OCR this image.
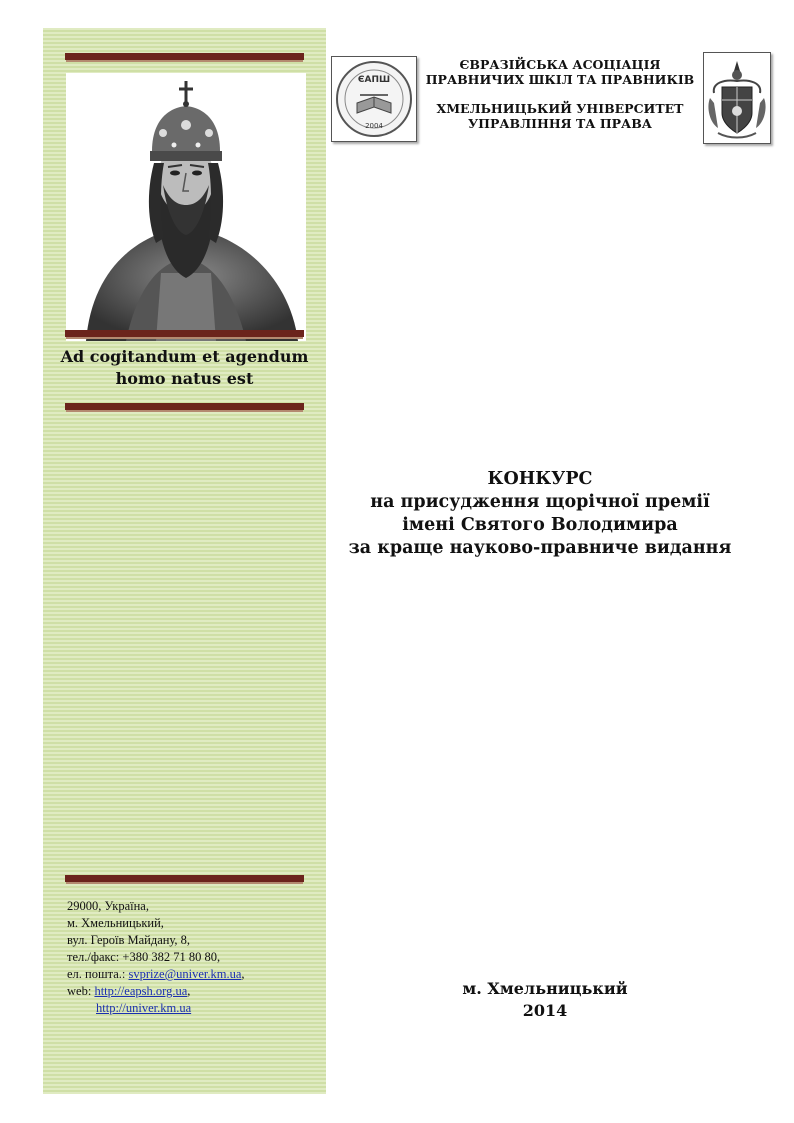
Ad cogitandum et agendum
homo natus est
29000, Україна,
м. Хмельницький,
вул. Героїв Майдану, 8,
тел./факс: +380 382 71 80 80,
ел. пошта.: svprize@univer.km.ua,
web: http://eapsh.org.ua,
http://univer.km.ua
ЄАПШ
2004
ЄВРАЗІЙСЬКА АСОЦІАЦІЯ
ПРАВНИЧИХ ШКІЛ ТА ПРАВНИКІВ
ХМЕЛЬНИЦЬКИЙ УНІВЕРСИТЕТ
УПРАВЛІННЯ ТА ПРАВА
КОНКУРС
на присудження щорічної премії
імені Святого Володимира
за краще науково-правниче видання
м. Хмельницький
2014
